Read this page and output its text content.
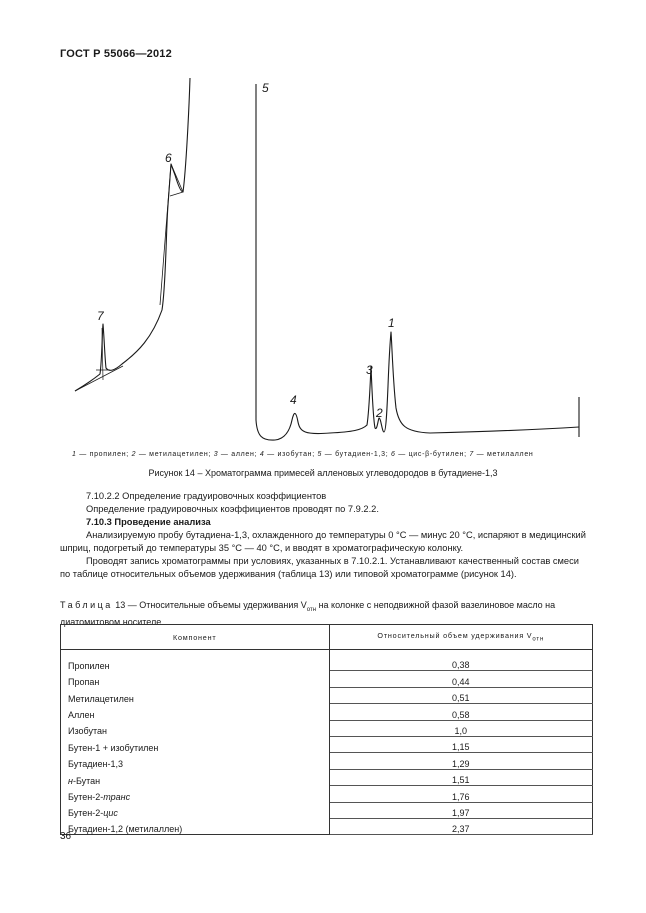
ГОСТ Р 55066—2012
5
6
7
4
3
2
1
1 — пропилен; 2 — метилацетилен; 3 — аллен; 4 — изобутан; 5 — бутадиен-1,3; 6 — цис-β-бутилен; 7 — метилаллен
Рисунок 14 – Хроматограмма примесей алленовых углеводородов в бутадиене-1,3
7.10.2.2 Определение градуировочных коэффициентов
Определение градуировочных коэффициентов проводят по 7.9.2.2.
7.10.3 Проведение анализа
Анализируемую пробу бутадиена-1,3, охлажденного до температуры 0 °С — минус 20 °С, испаряют в медицинский шприц, подогретый до температуры 35 °С — 40 °С, и вводят в хроматографическую колонку.
Проводят запись хроматограммы при условиях, указанных в 7.10.2.1. Устанавливают качественный состав смеси по таблице относительных объемов удерживания (таблица 13) или типовой хроматограмме (рисунок 14).
Таблица 13 — Относительные объемы удерживания $V_{отн}$ на колонке с неподвижной фазой вазелиновое масло на диатомитовом носителе
Компонент	Относительный объем удерживания $V_{отн}$

Пропилен	0,38
Пропан	0,44
Метилацетилен	0,51
Аллен	0,58
Изобутан	1,0
Бутен-1 + изобутилен	1,15
Бутадиен-1,3	1,29
н-Бутан	1,51
Бутен-2-транс	1,76
Бутен-2-цис	1,97
Бутадиен-1,2 (метилаллен)	2,37
36
